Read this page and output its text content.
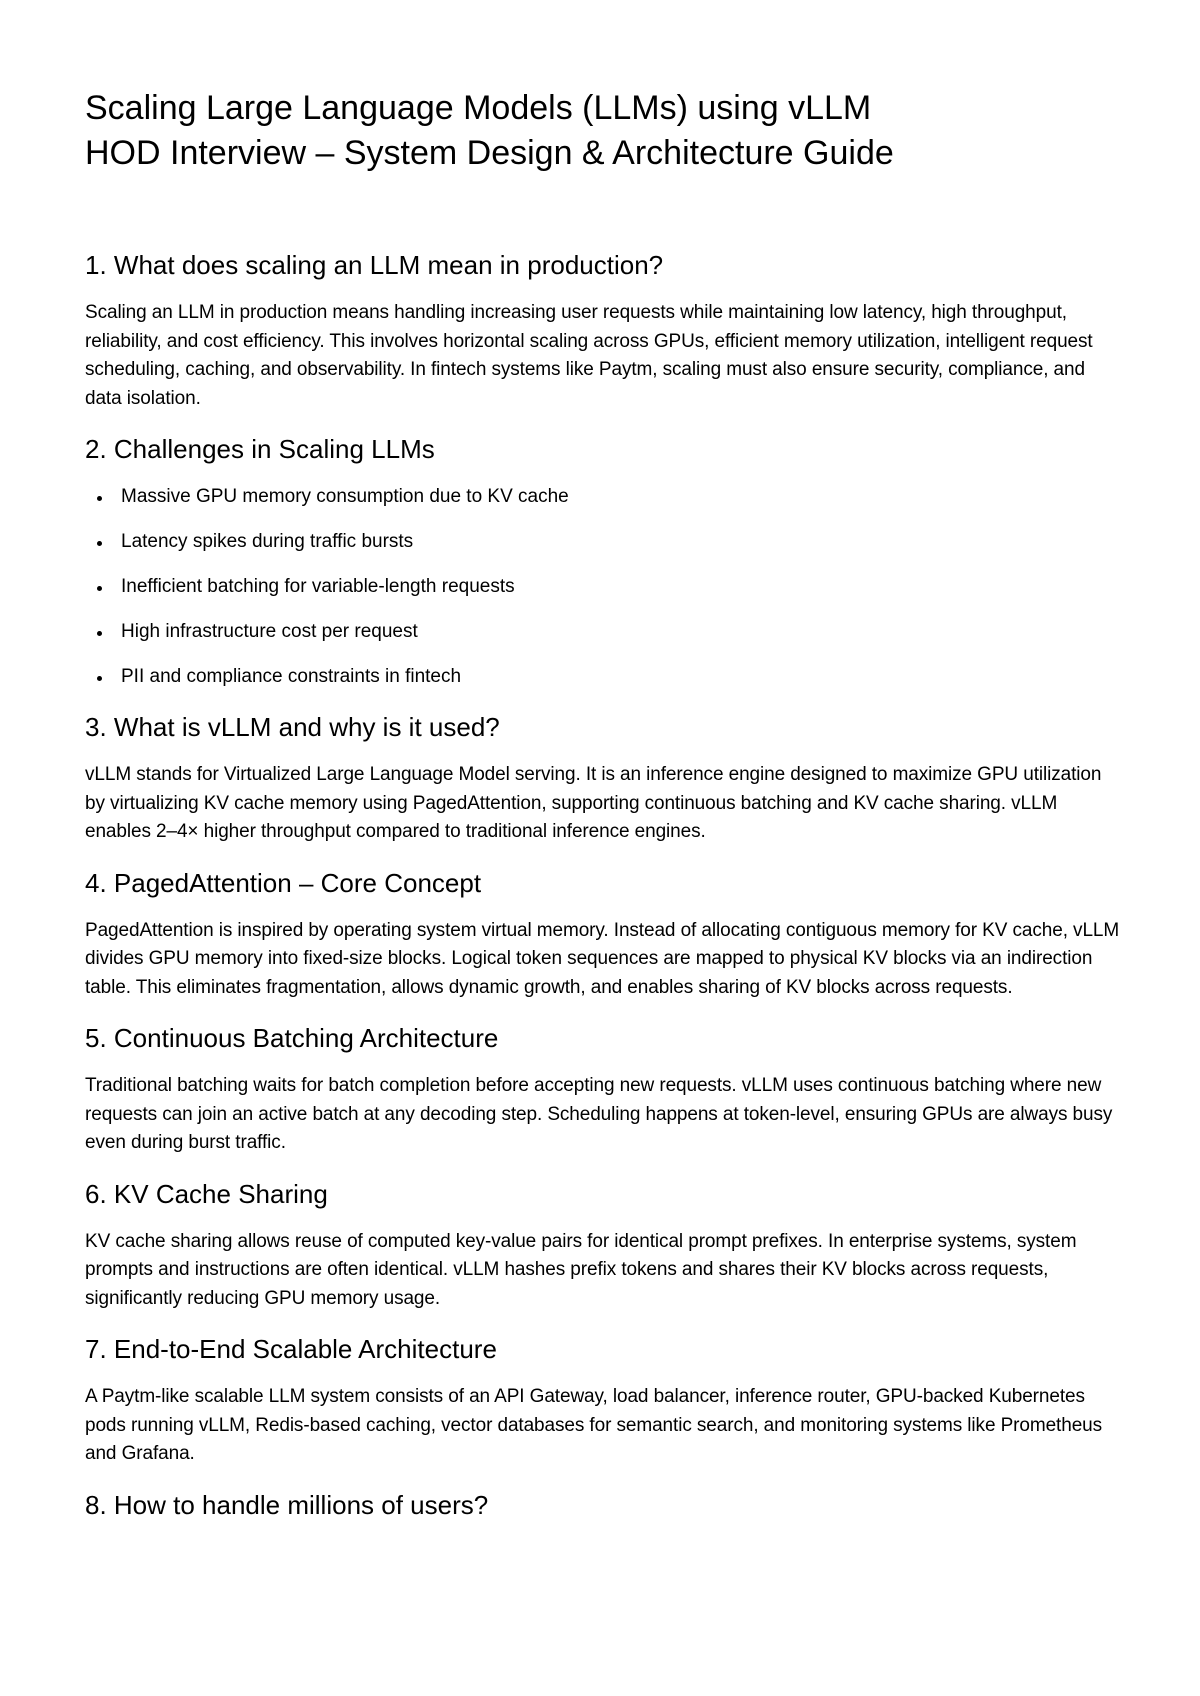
Scaling Large Language Models (LLMs) using vLLM
HOD Interview – System Design & Architecture Guide
1. What does scaling an LLM mean in production?

Scaling an LLM in production means handling increasing user requests while maintaining low latency, high throughput, reliability, and cost efficiency. This involves horizontal scaling across GPUs, efficient memory utilization, intelligent request scheduling, caching, and observability. In fintech systems like Paytm, scaling must also ensure security, compliance, and data isolation.

2. Challenges in Scaling LLMs
Massive GPU memory consumption due to KV cache
Latency spikes during traffic bursts
Inefficient batching for variable-length requests
High infrastructure cost per request
PII and compliance constraints in fintech
3. What is vLLM and why is it used?

vLLM stands for Virtualized Large Language Model serving. It is an inference engine designed to maximize GPU utilization by virtualizing KV cache memory using PagedAttention, supporting continuous batching and KV cache sharing. vLLM enables 2–4× higher throughput compared to traditional inference engines.

4. PagedAttention – Core Concept

PagedAttention is inspired by operating system virtual memory. Instead of allocating contiguous memory for KV cache, vLLM divides GPU memory into fixed-size blocks. Logical token sequences are mapped to physical KV blocks via an indirection table. This eliminates fragmentation, allows dynamic growth, and enables sharing of KV blocks across requests.

5. Continuous Batching Architecture

Traditional batching waits for batch completion before accepting new requests. vLLM uses continuous batching where new requests can join an active batch at any decoding step. Scheduling happens at token-level, ensuring GPUs are always busy even during burst traffic.

6. KV Cache Sharing

KV cache sharing allows reuse of computed key-value pairs for identical prompt prefixes. In enterprise systems, system prompts and instructions are often identical. vLLM hashes prefix tokens and shares their KV blocks across requests, significantly reducing GPU memory usage.

7. End-to-End Scalable Architecture

A Paytm-like scalable LLM system consists of an API Gateway, load balancer, inference router, GPU-backed Kubernetes pods running vLLM, Redis-based caching, vector databases for semantic search, and monitoring systems like Prometheus and Grafana.

8. How to handle millions of users?
